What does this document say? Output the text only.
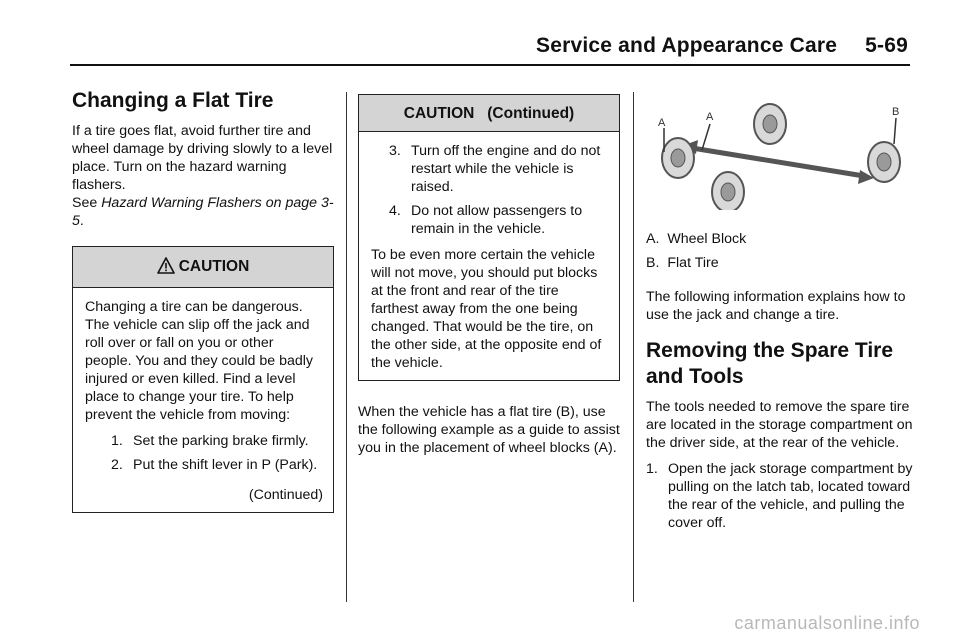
Service and Appearance Care 5-69
Changing a Flat Tire

If a tire goes flat, avoid further tire and wheel damage by driving slowly to a level place. Turn on the hazard warning flashers.
See Hazard Warning Flashers on page 3-5.

CAUTION
Changing a tire can be dangerous. The vehicle can slip off the jack and roll over or fall on you or other people. You and they could be badly injured or even killed. Find a level place to change your tire. To help prevent the vehicle from moving:
1. Set the parking brake firmly.
2. Put the shift lever in P (Park).
(Continued)
CAUTION   (Continued)
3. Turn off the engine and do not restart while the vehicle is raised.
4. Do not allow passengers to remain in the vehicle.
To be even more certain the vehicle will not move, you should put blocks at the front and rear of the tire farthest away from the one being changed. That would be the tire, on the other side, at the opposite end of the vehicle.

When the vehicle has a flat tire (B), use the following example as a guide to assist you in the placement of wheel blocks (A).

A	A	B

A. Wheel Block

B. Flat Tire

The following information explains how to use the jack and change a tire.

Removing the Spare Tire and Tools

The tools needed to remove the spare tire are located in the storage compartment on the driver side, at the rear of the vehicle.

1. Open the jack storage compartment by pulling on the latch tab, located toward the rear of the vehicle, and pulling the cover off.
carmanualsonline.info
